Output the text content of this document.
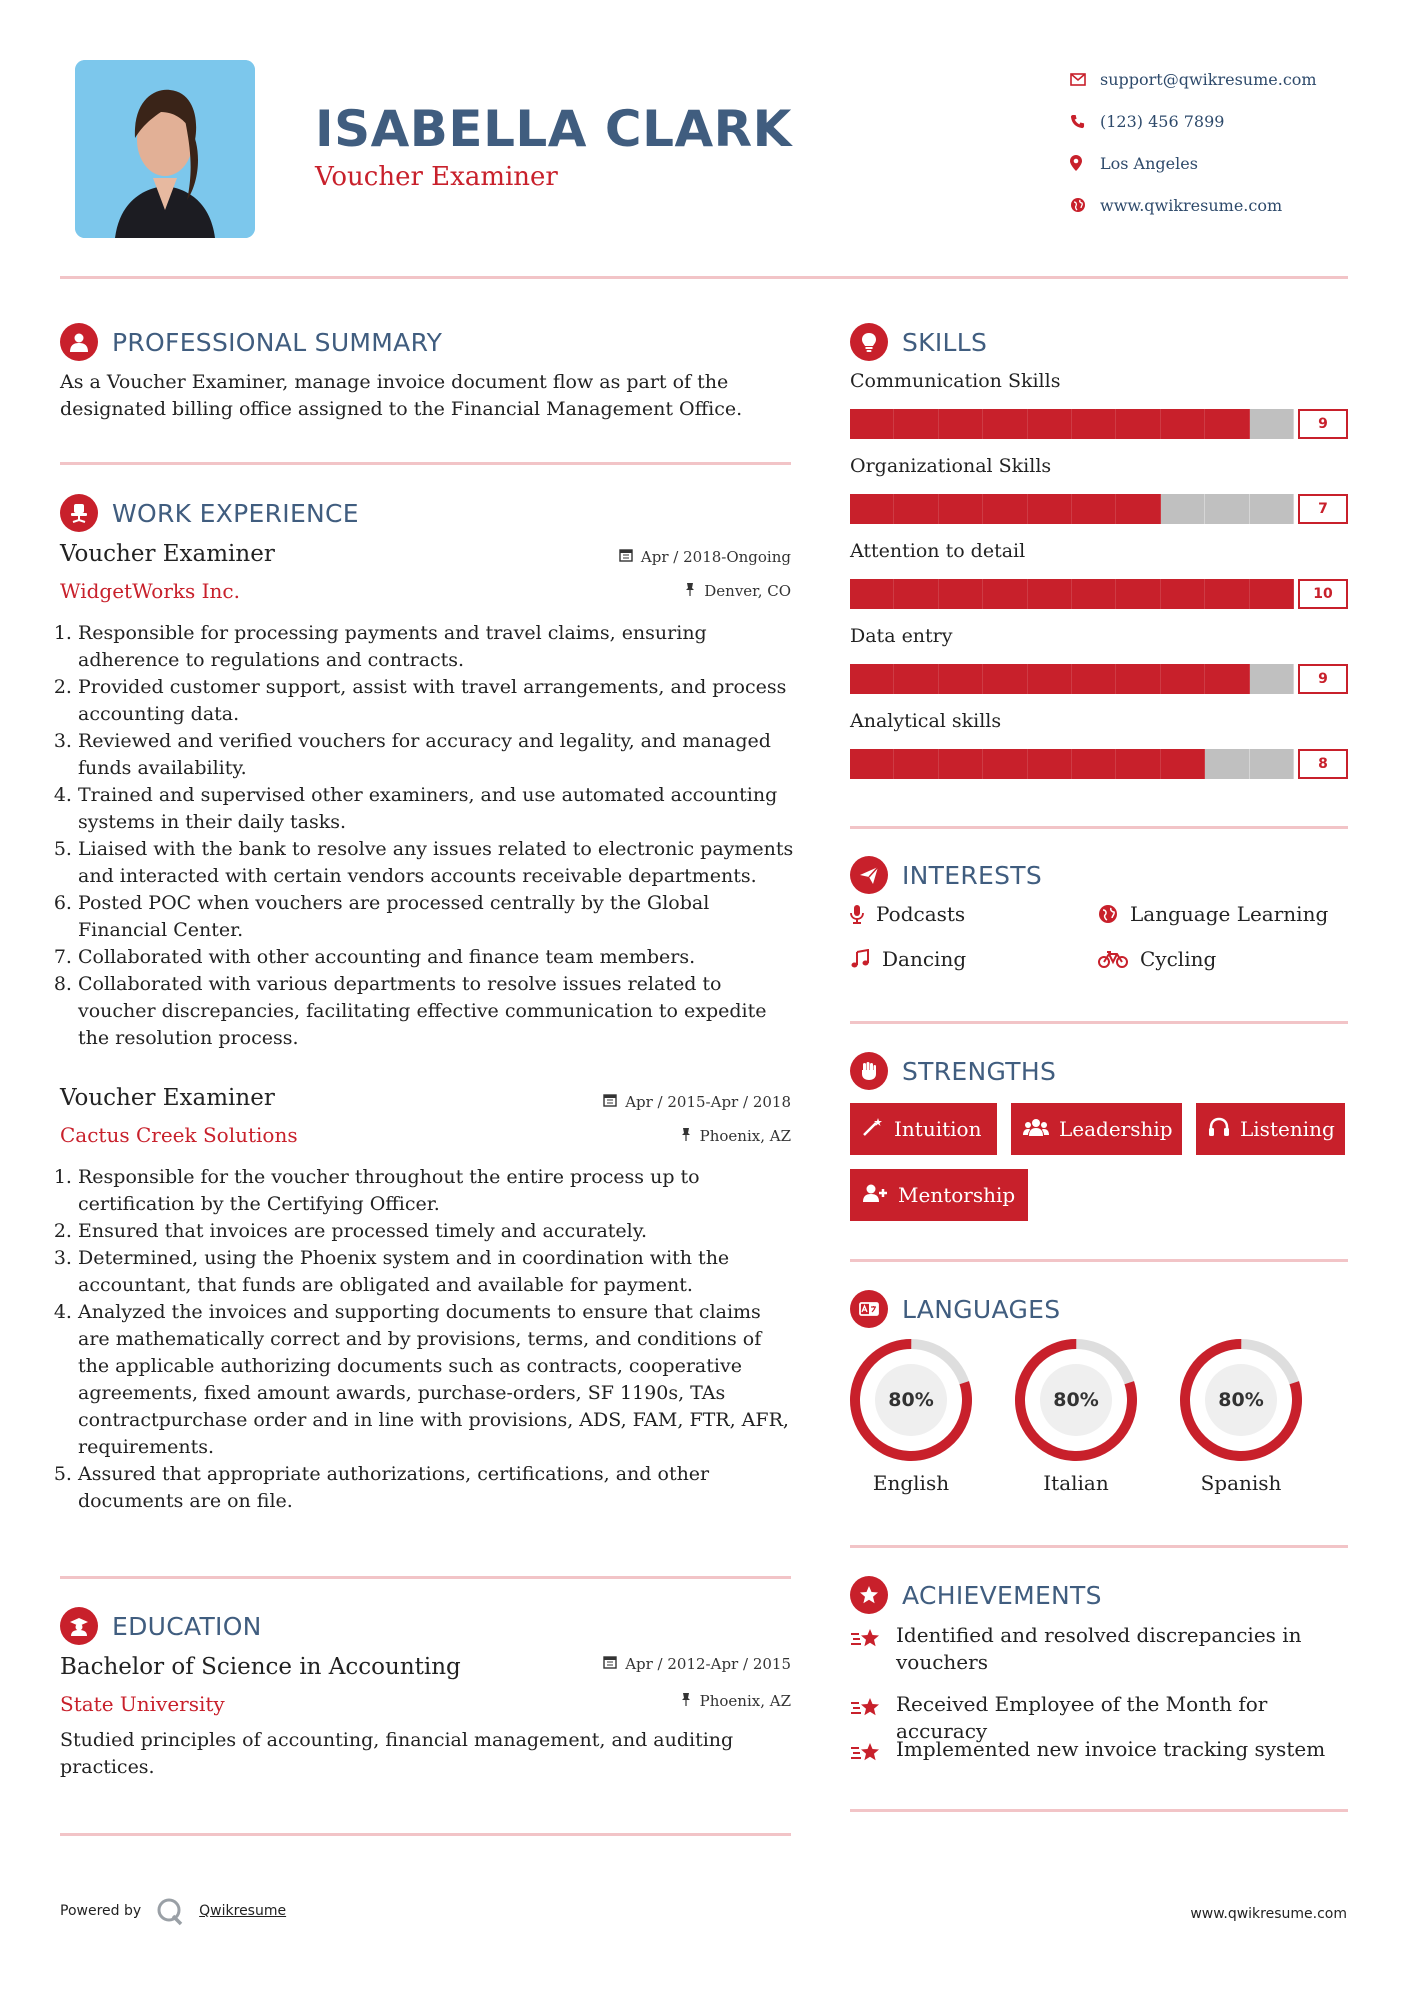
ISABELLA CLARK
Voucher Examiner
support@qwikresume.com
(123) 456 7899
Los Angeles
www.qwikresume.com
PROFESSIONAL SUMMARY
As a Voucher Examiner, manage invoice document flow as part of the designated billing office assigned to the Financial Management Office.
WORK EXPERIENCE
Voucher Examiner
WidgetWorks Inc.
Apr / 2018-Ongoing
Denver, CO
1. Responsible for processing payments and travel claims, ensuring adherence to regulations and contracts.
2. Provided customer support, assist with travel arrangements, and process accounting data.
3. Reviewed and verified vouchers for accuracy and legality, and managed funds availability.
4. Trained and supervised other examiners, and use automated accounting systems in their daily tasks.
5. Liaised with the bank to resolve any issues related to electronic payments and interacted with certain vendors accounts receivable departments.
6. Posted POC when vouchers are processed centrally by the Global Financial Center.
7. Collaborated with other accounting and finance team members.
8. Collaborated with various departments to resolve issues related to voucher discrepancies, facilitating effective communication to expedite the resolution process.
Voucher Examiner
Cactus Creek Solutions
Apr / 2015-Apr / 2018
Phoenix, AZ
1. Responsible for the voucher throughout the entire process up to certification by the Certifying Officer.
2. Ensured that invoices are processed timely and accurately.
3. Determined, using the Phoenix system and in coordination with the accountant, that funds are obligated and available for payment.
4. Analyzed the invoices and supporting documents to ensure that claims are mathematically correct and by provisions, terms, and conditions of the applicable authorizing documents such as contracts, cooperative agreements, fixed amount awards, purchase-orders, SF 1190s, TAs contractpurchase order and in line with provisions, ADS, FAM, FTR, AFR, requirements.
5. Assured that appropriate authorizations, certifications, and other documents are on file.
EDUCATION
Bachelor of Science in Accounting
State University
Apr / 2012-Apr / 2015
Phoenix, AZ
Studied principles of accounting, financial management, and auditing practices.
SKILLS
Communication Skills
9
Organizational Skills
7
Attention to detail
10
Data entry
9
Analytical skills
8
INTERESTS
Podcasts	Language Learning
Dancing	Cycling
STRENGTHS
Intuition	Leadership	Listening
Mentorship
LANGUAGES
80%
English
80%
Italian
80%
Spanish
ACHIEVEMENTS
Identified and resolved discrepancies in vouchers
Received Employee of the Month for accuracy
Implemented new invoice tracking system
Powered by	Qwikresume	www.qwikresume.com
